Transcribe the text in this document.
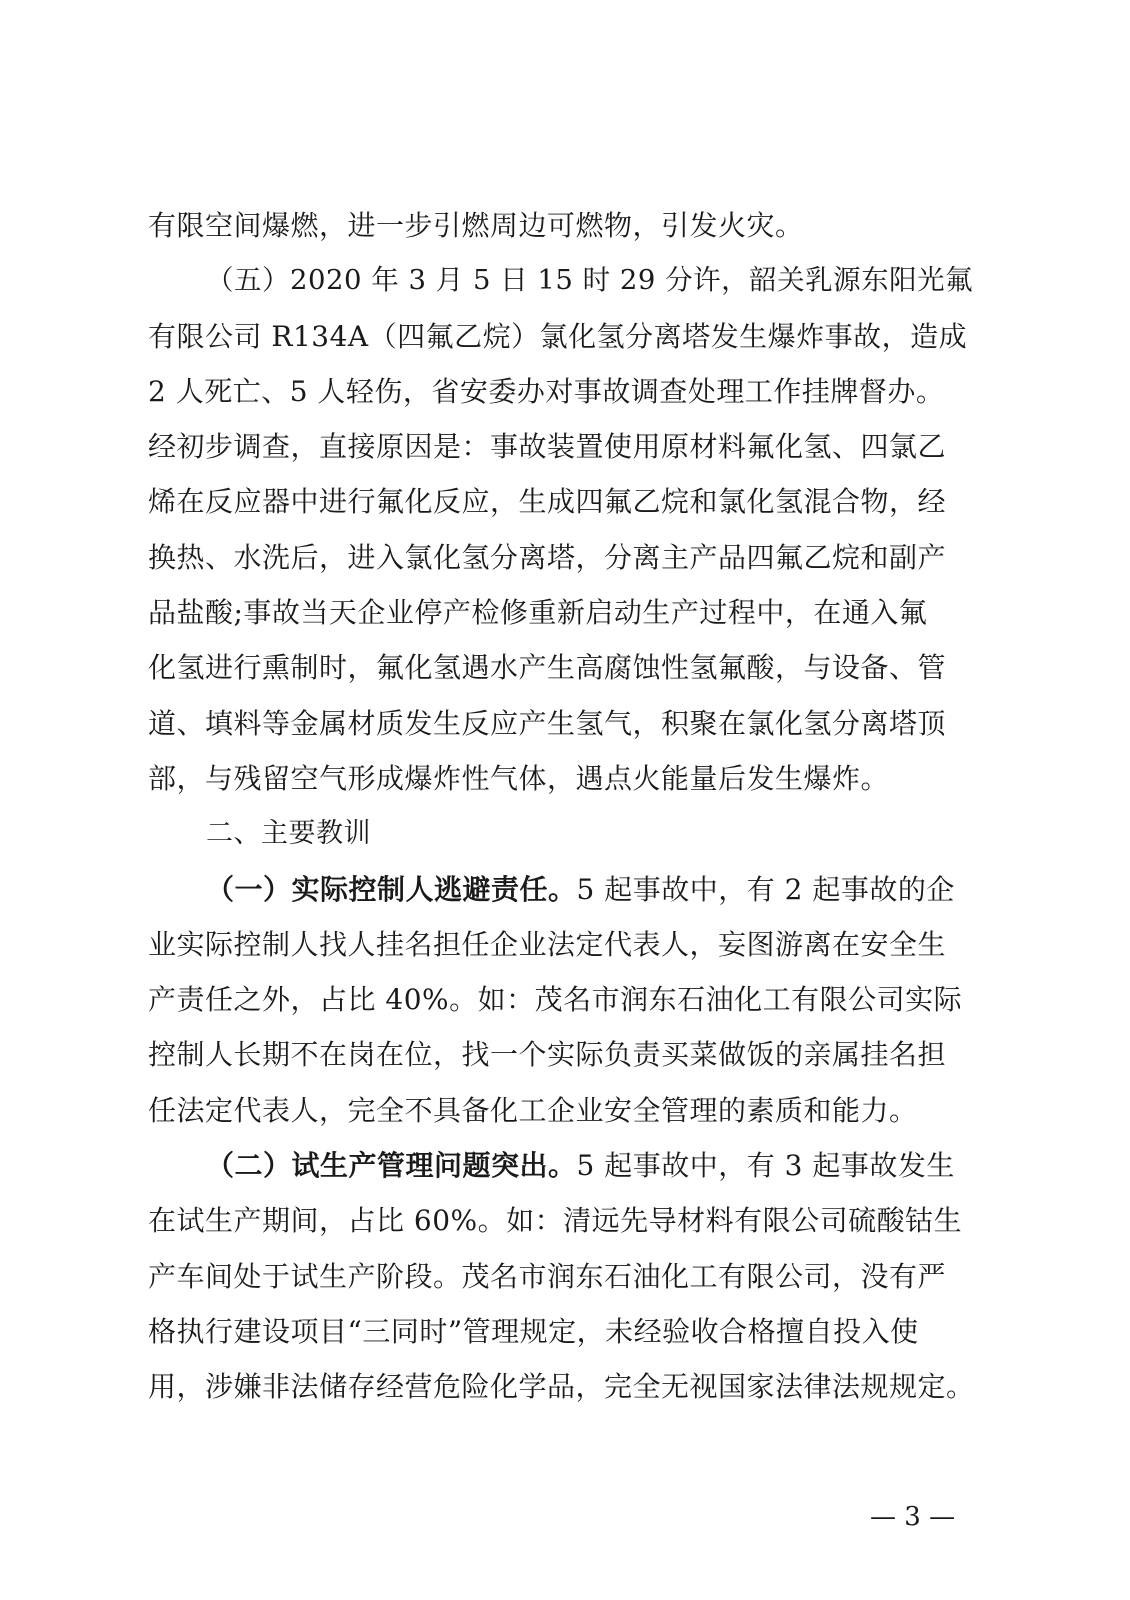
有限空间爆燃，进一步引燃周边可燃物，引发火灾。
（五）2020 年 3 月 5 日 15 时 29 分许，韶关乳源东阳光氟
有限公司 R134A（四氟乙烷）氯化氢分离塔发生爆炸事故，造成
2 人死亡、5 人轻伤，省安委办对事故调查处理工作挂牌督办。
经初步调查，直接原因是：事故装置使用原材料氟化氢、四氯乙
烯在反应器中进行氟化反应，生成四氟乙烷和氯化氢混合物，经
换热、水洗后，进入氯化氢分离塔，分离主产品四氟乙烷和副产
品盐酸;事故当天企业停产检修重新启动生产过程中，在通入氟
化氢进行熏制时，氟化氢遇水产生高腐蚀性氢氟酸，与设备、管
道、填料等金属材质发生反应产生氢气，积聚在氯化氢分离塔顶
部，与残留空气形成爆炸性气体，遇点火能量后发生爆炸。
二、主要教训
（一）实际控制人逃避责任。5 起事故中，有 2 起事故的企
业实际控制人找人挂名担任企业法定代表人，妄图游离在安全生
产责任之外，占比 40%。如：茂名市润东石油化工有限公司实际
控制人长期不在岗在位，找一个实际负责买菜做饭的亲属挂名担
任法定代表人，完全不具备化工企业安全管理的素质和能力。
（二）试生产管理问题突出。5 起事故中，有 3 起事故发生
在试生产期间，占比 60%。如：清远先导材料有限公司硫酸钴生
产车间处于试生产阶段。茂名市润东石油化工有限公司，没有严
格执行建设项目“三同时”管理规定，未经验收合格擅自投入使
用，涉嫌非法储存经营危险化学品，完全无视国家法律法规规定。
— 3 —
